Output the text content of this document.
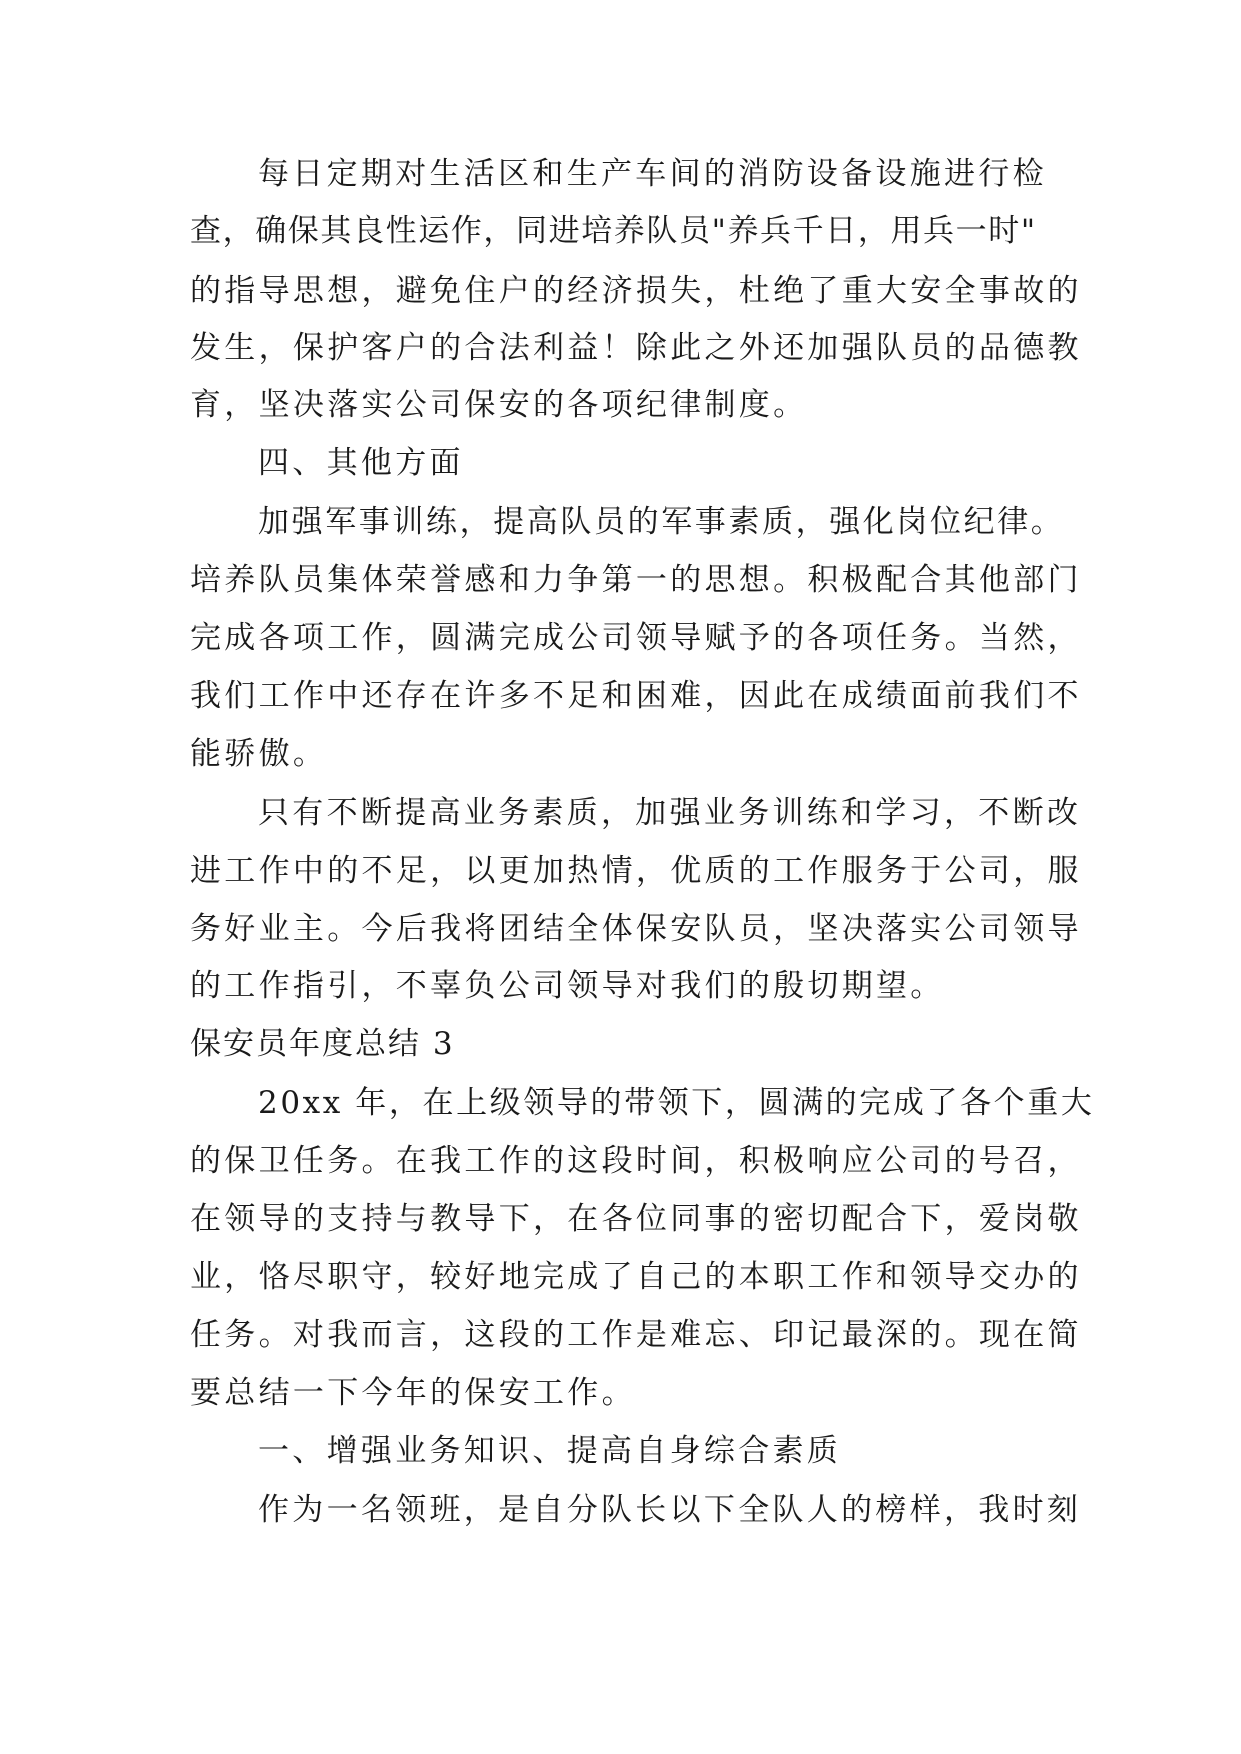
每日定期对生活区和生产车间的消防设备设施进行检
查，确保其良性运作，同进培养队员"养兵千日，用兵一时"
的指导思想，避免住户的经济损失，杜绝了重大安全事故的
发生，保护客户的合法利益！除此之外还加强队员的品德教
育，坚决落实公司保安的各项纪律制度。
四、其他方面
加强军事训练，提高队员的军事素质，强化岗位纪律。
培养队员集体荣誉感和力争第一的思想。积极配合其他部门
完成各项工作，圆满完成公司领导赋予的各项任务。当然，
我们工作中还存在许多不足和困难，因此在成绩面前我们不
能骄傲。
只有不断提高业务素质，加强业务训练和学习，不断改
进工作中的不足，以更加热情，优质的工作服务于公司，服
务好业主。今后我将团结全体保安队员，坚决落实公司领导
的工作指引，不辜负公司领导对我们的殷切期望。
保安员年度总结 3
20xx 年，在上级领导的带领下，圆满的完成了各个重大
的保卫任务。在我工作的这段时间，积极响应公司的号召，
在领导的支持与教导下，在各位同事的密切配合下，爱岗敬
业，恪尽职守，较好地完成了自己的本职工作和领导交办的
任务。对我而言，这段的工作是难忘、印记最深的。现在简
要总结一下今年的保安工作。
一、增强业务知识、提高自身综合素质
作为一名领班，是自分队长以下全队人的榜样，我时刻
